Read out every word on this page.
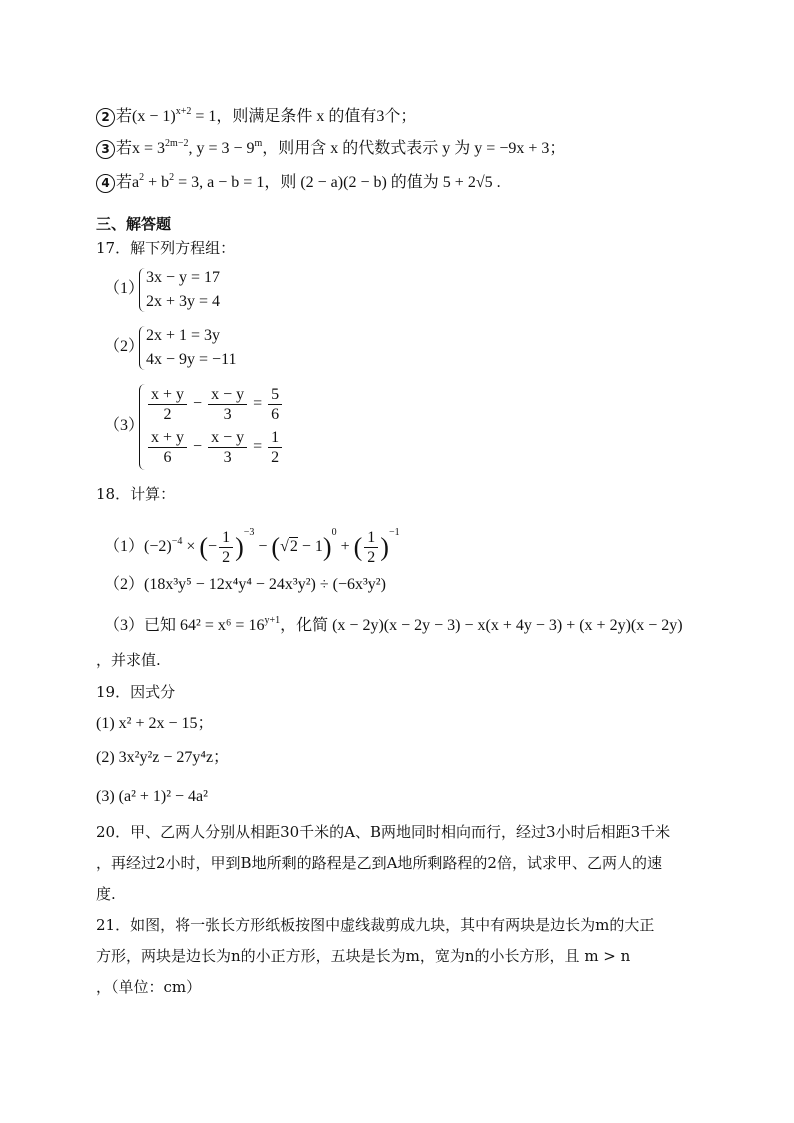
2 若$(x - 1)^{x+2} = 1$，则满足条件 x 的值有3个；
3 若$x = 3^{2m-2}$, $y = 3 - 9^m$，则用含 x 的代数式表示 y 为 y = −9x + 3；
4 若$a^2 + b^2 = 3$, a − b = 1，则 (2 − a)(2 − b) 的值为 5 + 2√5 .
三、解答题
17．解下列方程组：
（1）
3x − y = 17
2x + 3y = 4
（2）
2x + 1 = 3y
4x − 9y = −11
（3）
$\frac{x + y}{2} - \frac{x - y}{3} = \frac{5}{6}$
$\frac{x + y}{6} - \frac{x - y}{3} = \frac{1}{2}$
18．计算：
$(1)(-2)^{-4}$ × (− $\frac{1}{2} )^{-3} - (√2 - 1)^0$ + ( $\frac{1}{2} )^{-1}$
（2）(18x³y⁵ − 12x⁴y⁴ − 24x³y²) ÷ (−6x³y²)
（3）已知 $64^2 = x^6 = 16^{y+1}$，化简 (x − 2y)(x − 2y − 3) − x(x + 4y − 3) + (x + 2y)(x − 2y)
，并求值.
19．因式分
(1) x² + 2x − 15；
(2) 3x²y²z − 27y⁴z；
(3) (a² + 1)² − 4a²
20．甲、乙两人分别从相距30千米的A、B两地同时相向而行，经过3小时后相距3千米
，再经过2小时，甲到B地所剩的路程是乙到A地所剩路程的2倍，试求甲、乙两人的速
度.
21．如图，将一张长方形纸板按图中虚线裁剪成九块，其中有两块是边长为m的大正
方形，两块是边长为n的小正方形，五块是长为m，宽为n的小长方形，且 m > n
，（单位：cm）
